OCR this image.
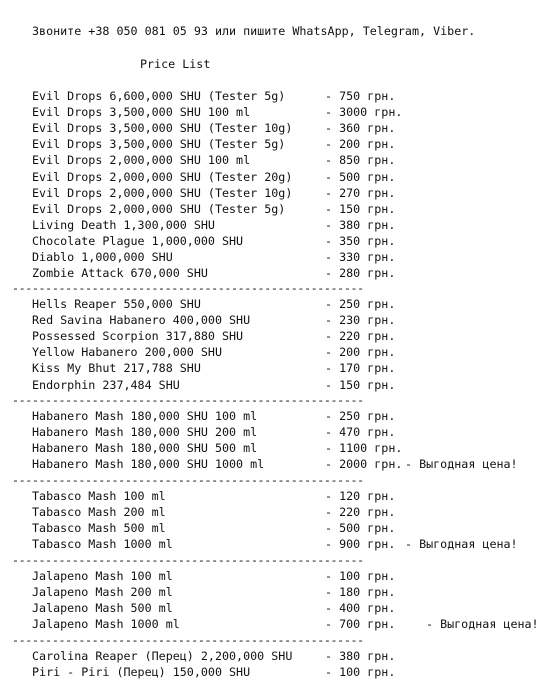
Звоните +38 050 081 05 93 или пишите WhatsApp, Telegram, Viber.
Price List
Evil Drops 6,600,000 SHU (Tester 5g)	- 750 грн.
Evil Drops 3,500,000 SHU 100 ml	- 3000 грн.
Evil Drops 3,500,000 SHU (Tester 10g)	- 360 грн.
Evil Drops 3,500,000 SHU (Tester 5g)	- 200 грн.
Evil Drops 2,000,000 SHU 100 ml	- 850 грн.
Evil Drops 2,000,000 SHU (Tester 20g)	- 500 грн.
Evil Drops 2,000,000 SHU (Tester 10g)	- 270 грн.
Evil Drops 2,000,000 SHU (Tester 5g)	- 150 грн.
Living Death 1,300,000 SHU	- 380 грн.
Chocolate Plague 1,000,000 SHU	- 350 грн.
Diablo 1,000,000 SHU	- 330 грн.
Zombie Attack 670,000 SHU	- 280 грн.
Hells Reaper 550,000 SHU	- 250 грн.
Red Savina Habanero 400,000 SHU	- 230 грн.
Possessed Scorpion 317,880 SHU	- 220 грн.
Yellow Habanero 200,000 SHU	- 200 грн.
Kiss My Bhut 217,788 SHU	- 170 грн.
Endorphin 237,484 SHU	- 150 грн.
Habanero Mash 180,000 SHU 100 ml	- 250 грн.
Habanero Mash 180,000 SHU 200 ml	- 470 грн.
Habanero Mash 180,000 SHU 500 ml	- 1100 грн.
Habanero Mash 180,000 SHU 1000 ml	- 2000 грн. - Выгодная цена!
Tabasco Mash 100 ml	- 120 грн.
Tabasco Mash 200 ml	- 220 грн.
Tabasco Mash 500 ml	- 500 грн.
Tabasco Mash 1000 ml	- 900 грн. - Выгодная цена!
Jalapeno Mash 100 ml	- 100 грн.
Jalapeno Mash 200 ml	- 180 грн.
Jalapeno Mash 500 ml	- 400 грн.
Jalapeno Mash 1000 ml	- 700 грн.	- Выгодная цена!
Carolina Reaper (Перец) 2,200,000 SHU	- 380 грн.
Piri - Piri (Перец) 150,000 SHU	- 100 грн.
-----------------------------------------------------
-----------------------------------------------------
-----------------------------------------------------
-----------------------------------------------------
-----------------------------------------------------
